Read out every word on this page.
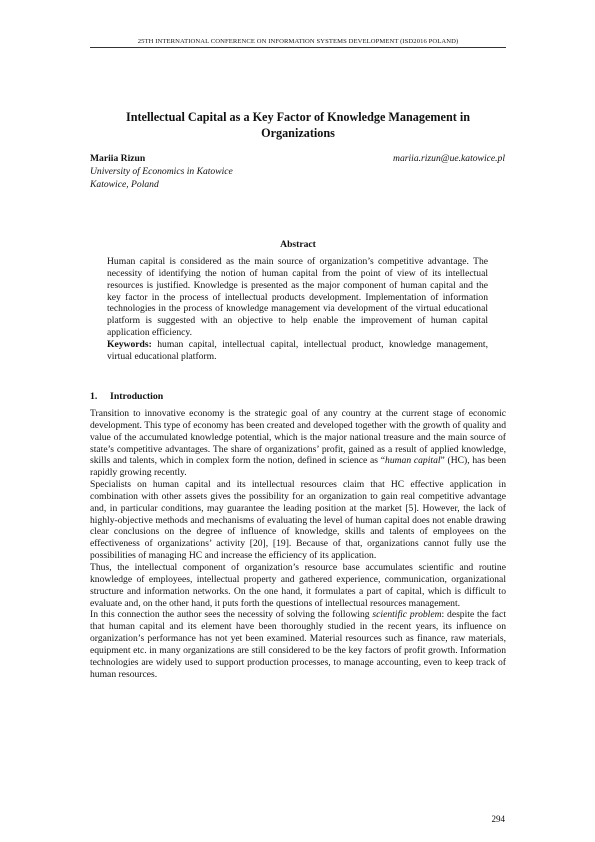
25TH INTERNATIONAL CONFERENCE ON INFORMATION SYSTEMS DEVELOPMENT (ISD2016 POLAND)
Intellectual Capital as a Key Factor of Knowledge Management in Organizations
Mariia Rizun	mariia.rizun@ue.katowice.pl
University of Economics in Katowice
Katowice, Poland
Abstract

Human capital is considered as the main source of organization’s competitive advantage. The necessity of identifying the notion of human capital from the point of view of its intellectual resources is justified. Knowledge is presented as the major component of human capital and the key factor in the process of intellectual products development. Implementation of information technologies in the process of knowledge management via development of the virtual educational platform is suggested with an objective to help enable the improvement of human capital application efficiency.

Keywords: human capital, intellectual capital, intellectual product, knowledge management, virtual educational platform.

1. Introduction

Transition to innovative economy is the strategic goal of any country at the current stage of economic development. This type of economy has been created and developed together with the growth of quality and value of the accumulated knowledge potential, which is the major national treasure and the main source of state’s competitive advantages. The share of organizations’ profit, gained as a result of applied knowledge, skills and talents, which in complex form the notion, defined in science as “human capital” (HC), has been rapidly growing recently.

Specialists on human capital and its intellectual resources claim that HC effective application in combination with other assets gives the possibility for an organization to gain real competitive advantage and, in particular conditions, may guarantee the leading position at the market [5]. However, the lack of highly-objective methods and mechanisms of evaluating the level of human capital does not enable drawing clear conclusions on the degree of influence of knowledge, skills and talents of employees on the effectiveness of organizations’ activity [20], [19]. Because of that, organizations cannot fully use the possibilities of managing HC and increase the efficiency of its application.

Thus, the intellectual component of organization’s resource base accumulates scientific and routine knowledge of employees, intellectual property and gathered experience, communication, organizational structure and information networks. On the one hand, it formulates a part of capital, which is difficult to evaluate and, on the other hand, it puts forth the questions of intellectual resources management.

In this connection the author sees the necessity of solving the following scientific problem: despite the fact that human capital and its element have been thoroughly studied in the recent years, its influence on organization’s performance has not yet been examined. Material resources such as finance, raw materials, equipment etc. in many organizations are still considered to be the key factors of profit growth. Information technologies are widely used to support production processes, to manage accounting, even to keep track of human resources.

294
